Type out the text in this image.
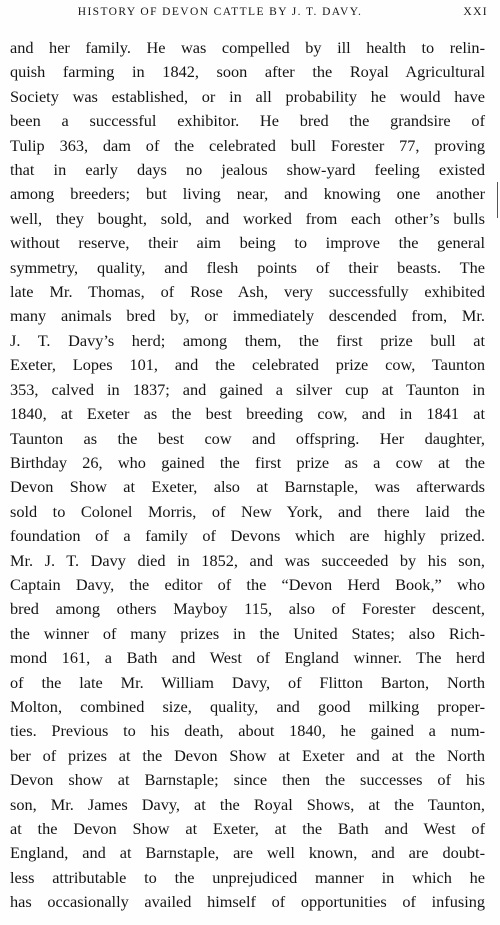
HISTORY OF DEVON CATTLE BY J. T. DAVY.	XXI
and her family. He was compelled by ill health to relin-
quish farming in 1842, soon after the Royal Agricultural
Society was established, or in all probability he would have
been a successful exhibitor. He bred the grandsire of
Tulip 363, dam of the celebrated bull Forester 77, proving
that in early days no jealous show-yard feeling existed
among breeders; but living near, and knowing one another
well, they bought, sold, and worked from each other’s bulls
without reserve, their aim being to improve the general
symmetry, quality, and flesh points of their beasts. The
late Mr. Thomas, of Rose Ash, very successfully exhibited
many animals bred by, or immediately descended from, Mr.
J. T. Davy’s herd; among them, the first prize bull at
Exeter, Lopes 101, and the celebrated prize cow, Taunton
353, calved in 1837; and gained a silver cup at Taunton in
1840, at Exeter as the best breeding cow, and in 1841 at
Taunton as the best cow and offspring. Her daughter,
Birthday 26, who gained the first prize as a cow at the
Devon Show at Exeter, also at Barnstaple, was afterwards
sold to Colonel Morris, of New York, and there laid the
foundation of a family of Devons which are highly prized.
Mr. J. T. Davy died in 1852, and was succeeded by his son,
Captain Davy, the editor of the “Devon Herd Book,” who
bred among others Mayboy 115, also of Forester descent,
the winner of many prizes in the United States; also Rich-
mond 161, a Bath and West of England winner. The herd
of the late Mr. William Davy, of Flitton Barton, North
Molton, combined size, quality, and good milking proper-
ties. Previous to his death, about 1840, he gained a num-
ber of prizes at the Devon Show at Exeter and at the North
Devon show at Barnstaple; since then the successes of his
son, Mr. James Davy, at the Royal Shows, at the Taunton,
at the Devon Show at Exeter, at the Bath and West of
England, and at Barnstaple, are well known, and are doubt-
less attributable to the unprejudiced manner in which he
has occasionally availed himself of opportunities of infusing
